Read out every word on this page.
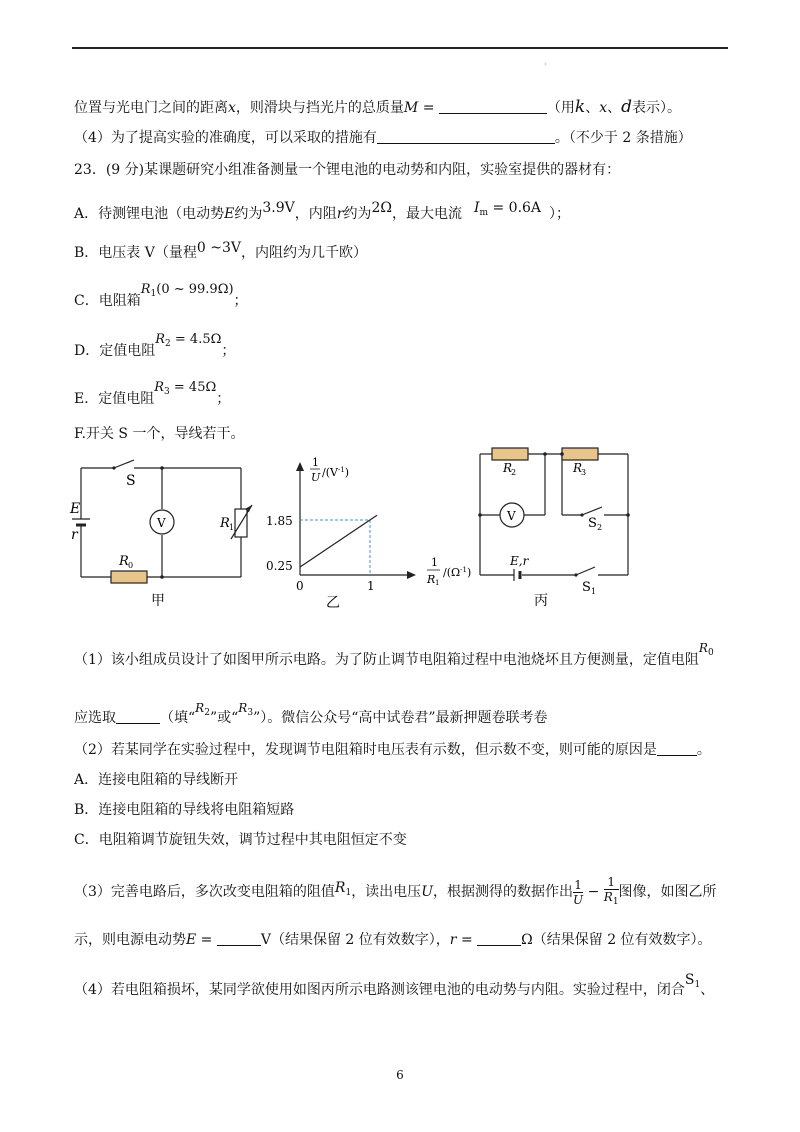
·
位置与光电门之间的距离x，则滑块与挡光片的总质量M =	（用k、x、d表示）。
（4）为了提高实验的准确度，可以采取的措施有	。（不少于 2 条措施）
23．(9 分)某课题研究小组准备测量一个锂电池的电动势和内阻，实验室提供的器材有：
A．待测锂电池（电动势E约为3.9V，内阻r约为2Ω，最大电流 $I_m = 0.6A$ ）；
B．电压表 V（量程0 ~3V，内阻约为几千欧）
C．电阻箱$R_1(0$ ~ 99.9Ω)；
D．定值电阻$R_2 = 4.5\Omega$；
E．定值电阻$R_3 = 45\Omega$；
F.开关 S 一个，导线若干。
S
E
r
V	R 1
R 0
甲
1
U $/(V^{-1})$
1.85
0.25
0	1
1
R 1
$/(\Omega^{-1})$
乙
R
2	R
3
V	S 2
E,r
S 1
丙
（1）该小组成员设计了如图甲所示电路。为了防止调节电阻箱过程中电池烧坏且方便测量，定值电阻$R_0$
应选取	（填“$R_2$”或“$R_3$”）。微信公众号“高中试卷君”最新押题卷联考卷
（2）若某同学在实验过程中，发现调节电阻箱时电压表有示数，但示数不变，则可能的原因是	。
A．连接电阻箱的导线断开
B．连接电阻箱的导线将电阻箱短路
C．电阻箱调节旋钮失效，调节过程中其电阻恒定不变
（3）完善电路后，多次改变电阻箱的阻值$R_1$，读出电压U，根据测得的数据作出 $\frac{1}{U} - \frac{1}{R_1}$ 图像，如图乙所
示，则电源电动势E =	V（结果保留 2 位有效数字），r =	Ω（结果保留 2 位有效数字）。
（4）若电阻箱损坏，某同学欲使用如图丙所示电路测该锂电池的电动势与内阻。实验过程中，闭合$S_1$、
6
